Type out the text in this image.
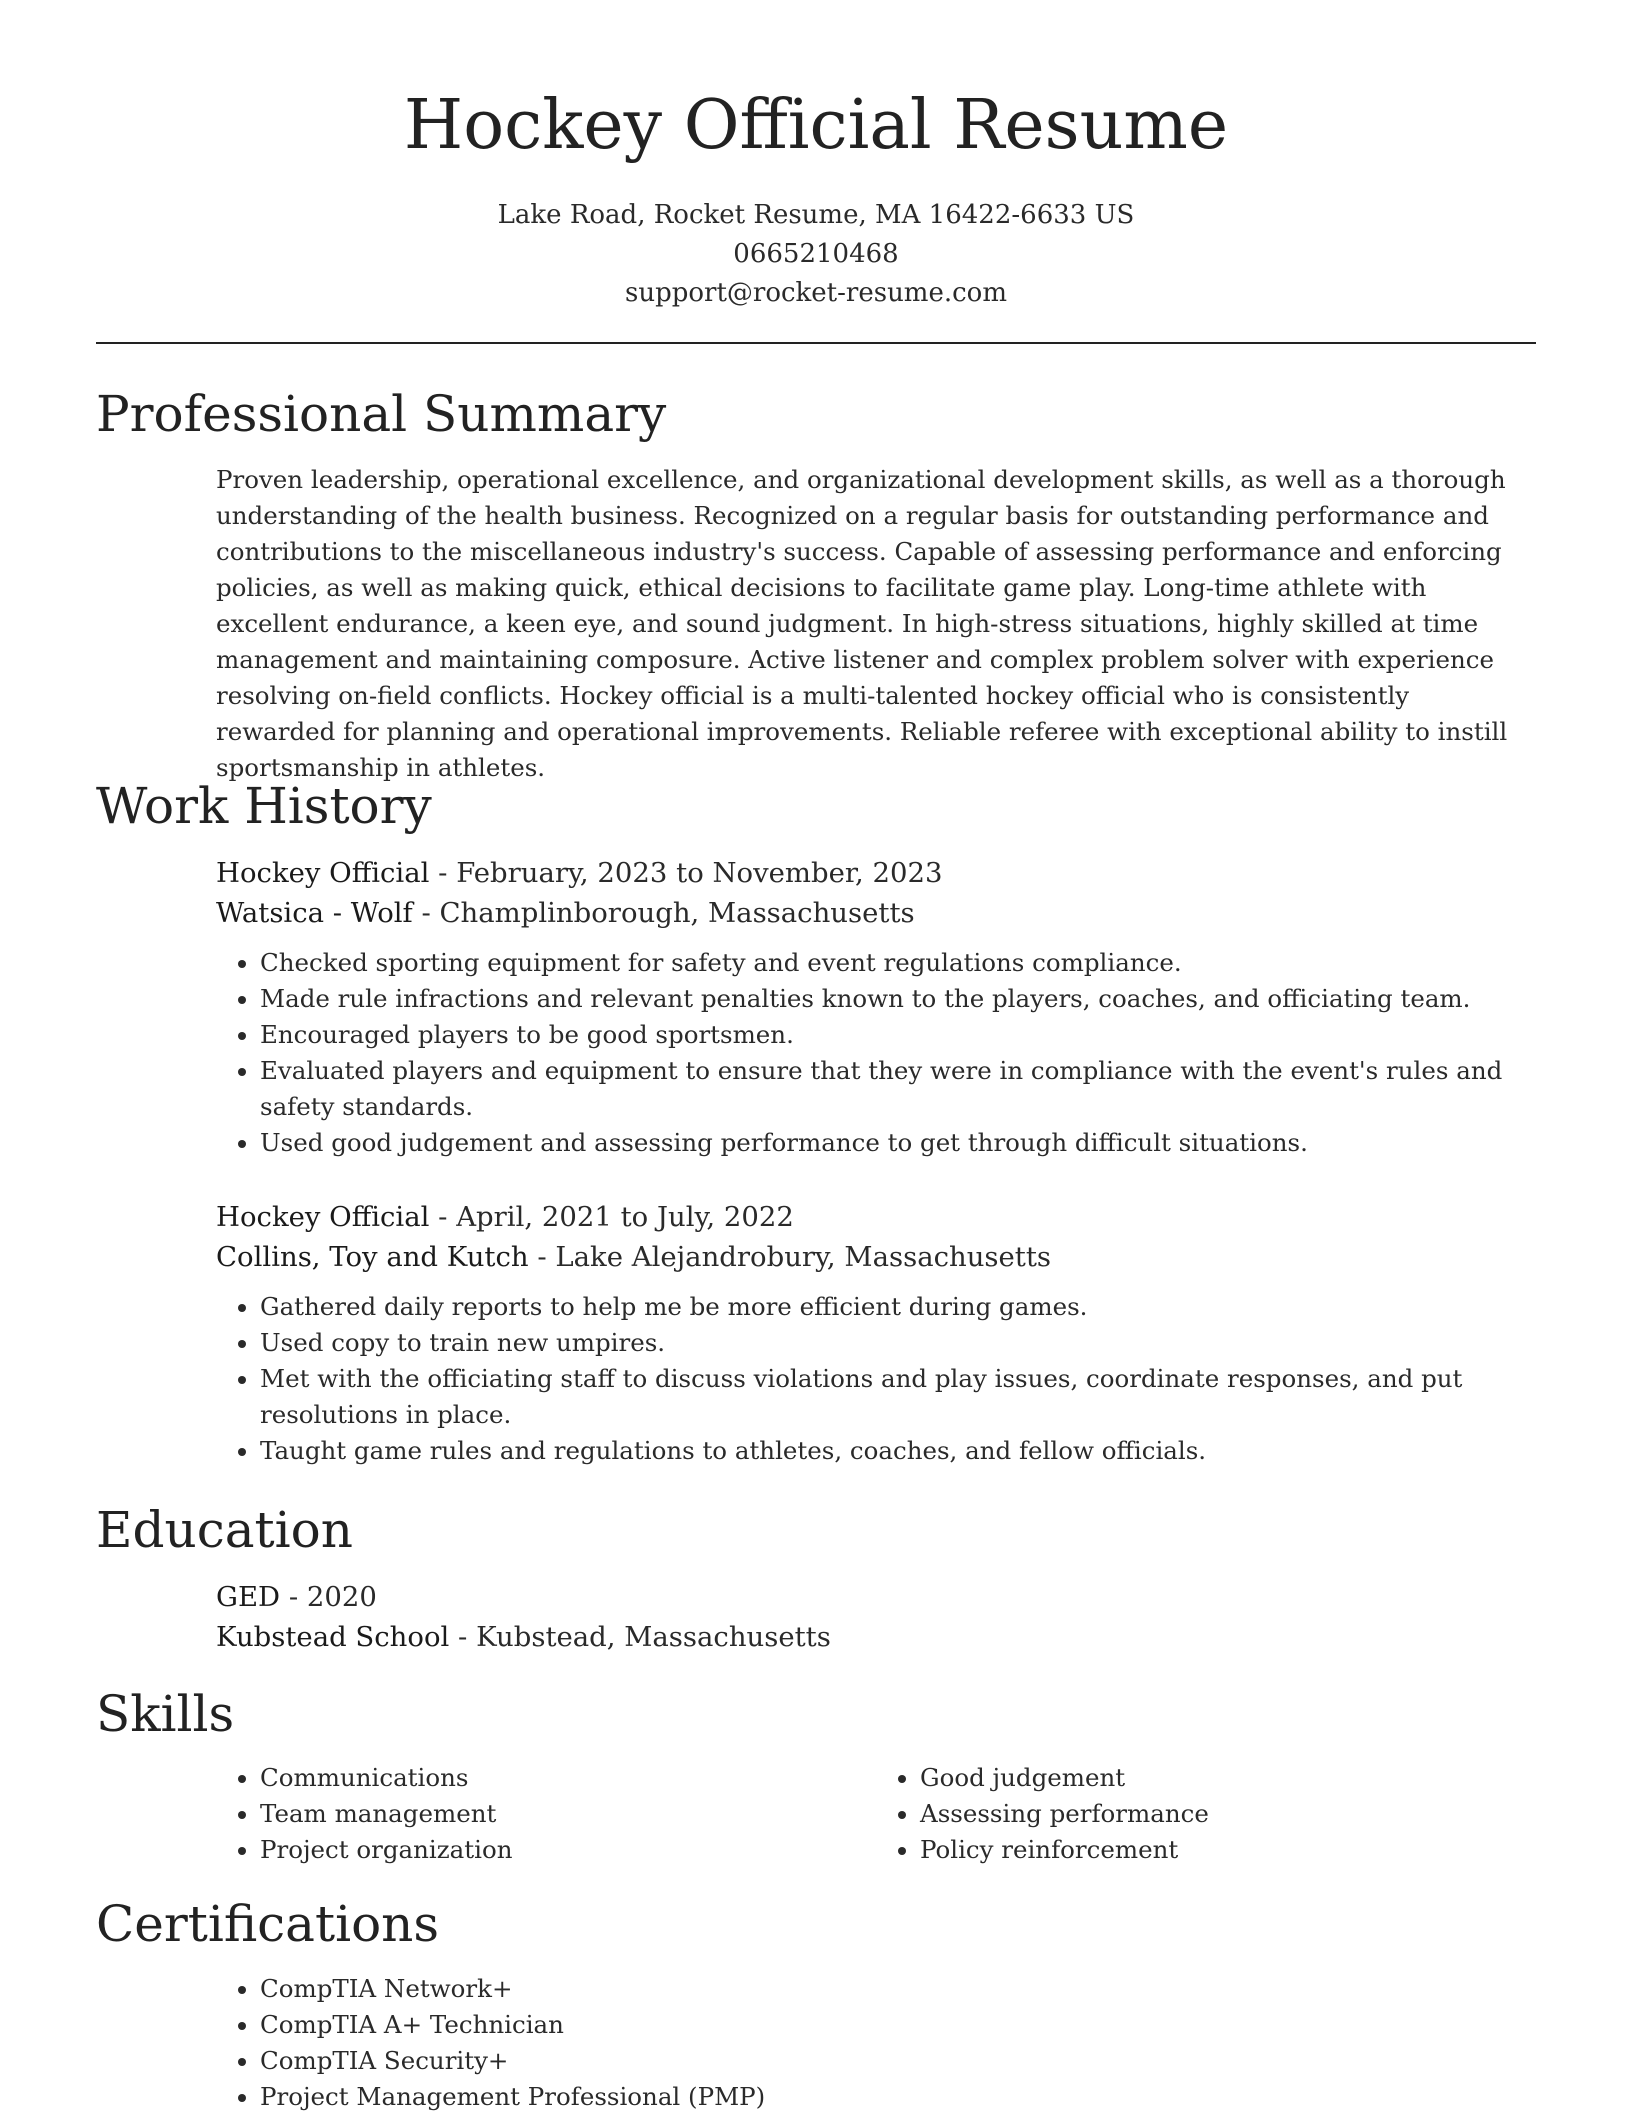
Hockey Official Resume
Lake Road, Rocket Resume, MA 16422-6633 US
0665210468
support@rocket-resume.com
Professional Summary
Proven leadership, operational excellence, and organizational development skills, as well as a thorough understanding of the health business. Recognized on a regular basis for outstanding performance and contributions to the miscellaneous industry's success. Capable of assessing performance and enforcing policies, as well as making quick, ethical decisions to facilitate game play. Long-time athlete with excellent endurance, a keen eye, and sound judgment. In high-stress situations, highly skilled at time management and maintaining composure. Active listener and complex problem solver with experience resolving on-field conflicts. Hockey official is a multi-talented hockey official who is consistently rewarded for planning and operational improvements. Reliable referee with exceptional ability to instill sportsmanship in athletes.
Work History
Hockey Official - February, 2023 to November, 2023
Watsica - Wolf - Champlinborough, Massachusetts
• Checked sporting equipment for safety and event regulations compliance.
• Made rule infractions and relevant penalties known to the players, coaches, and officiating team.
• Encouraged players to be good sportsmen.
• Evaluated players and equipment to ensure that they were in compliance with the event's rules and safety standards.
• Used good judgement and assessing performance to get through difficult situations.
Hockey Official - April, 2021 to July, 2022
Collins, Toy and Kutch - Lake Alejandrobury, Massachusetts
• Gathered daily reports to help me be more efficient during games.
• Used copy to train new umpires.
• Met with the officiating staff to discuss violations and play issues, coordinate responses, and put resolutions in place.
• Taught game rules and regulations to athletes, coaches, and fellow officials.
Education
GED - 2020
Kubstead School - Kubstead, Massachusetts
Skills
• Communications
• Team management
• Project organization
• Good judgement
• Assessing performance
• Policy reinforcement
Certifications
• CompTIA Network+
• CompTIA A+ Technician
• CompTIA Security+
• Project Management Professional (PMP)
